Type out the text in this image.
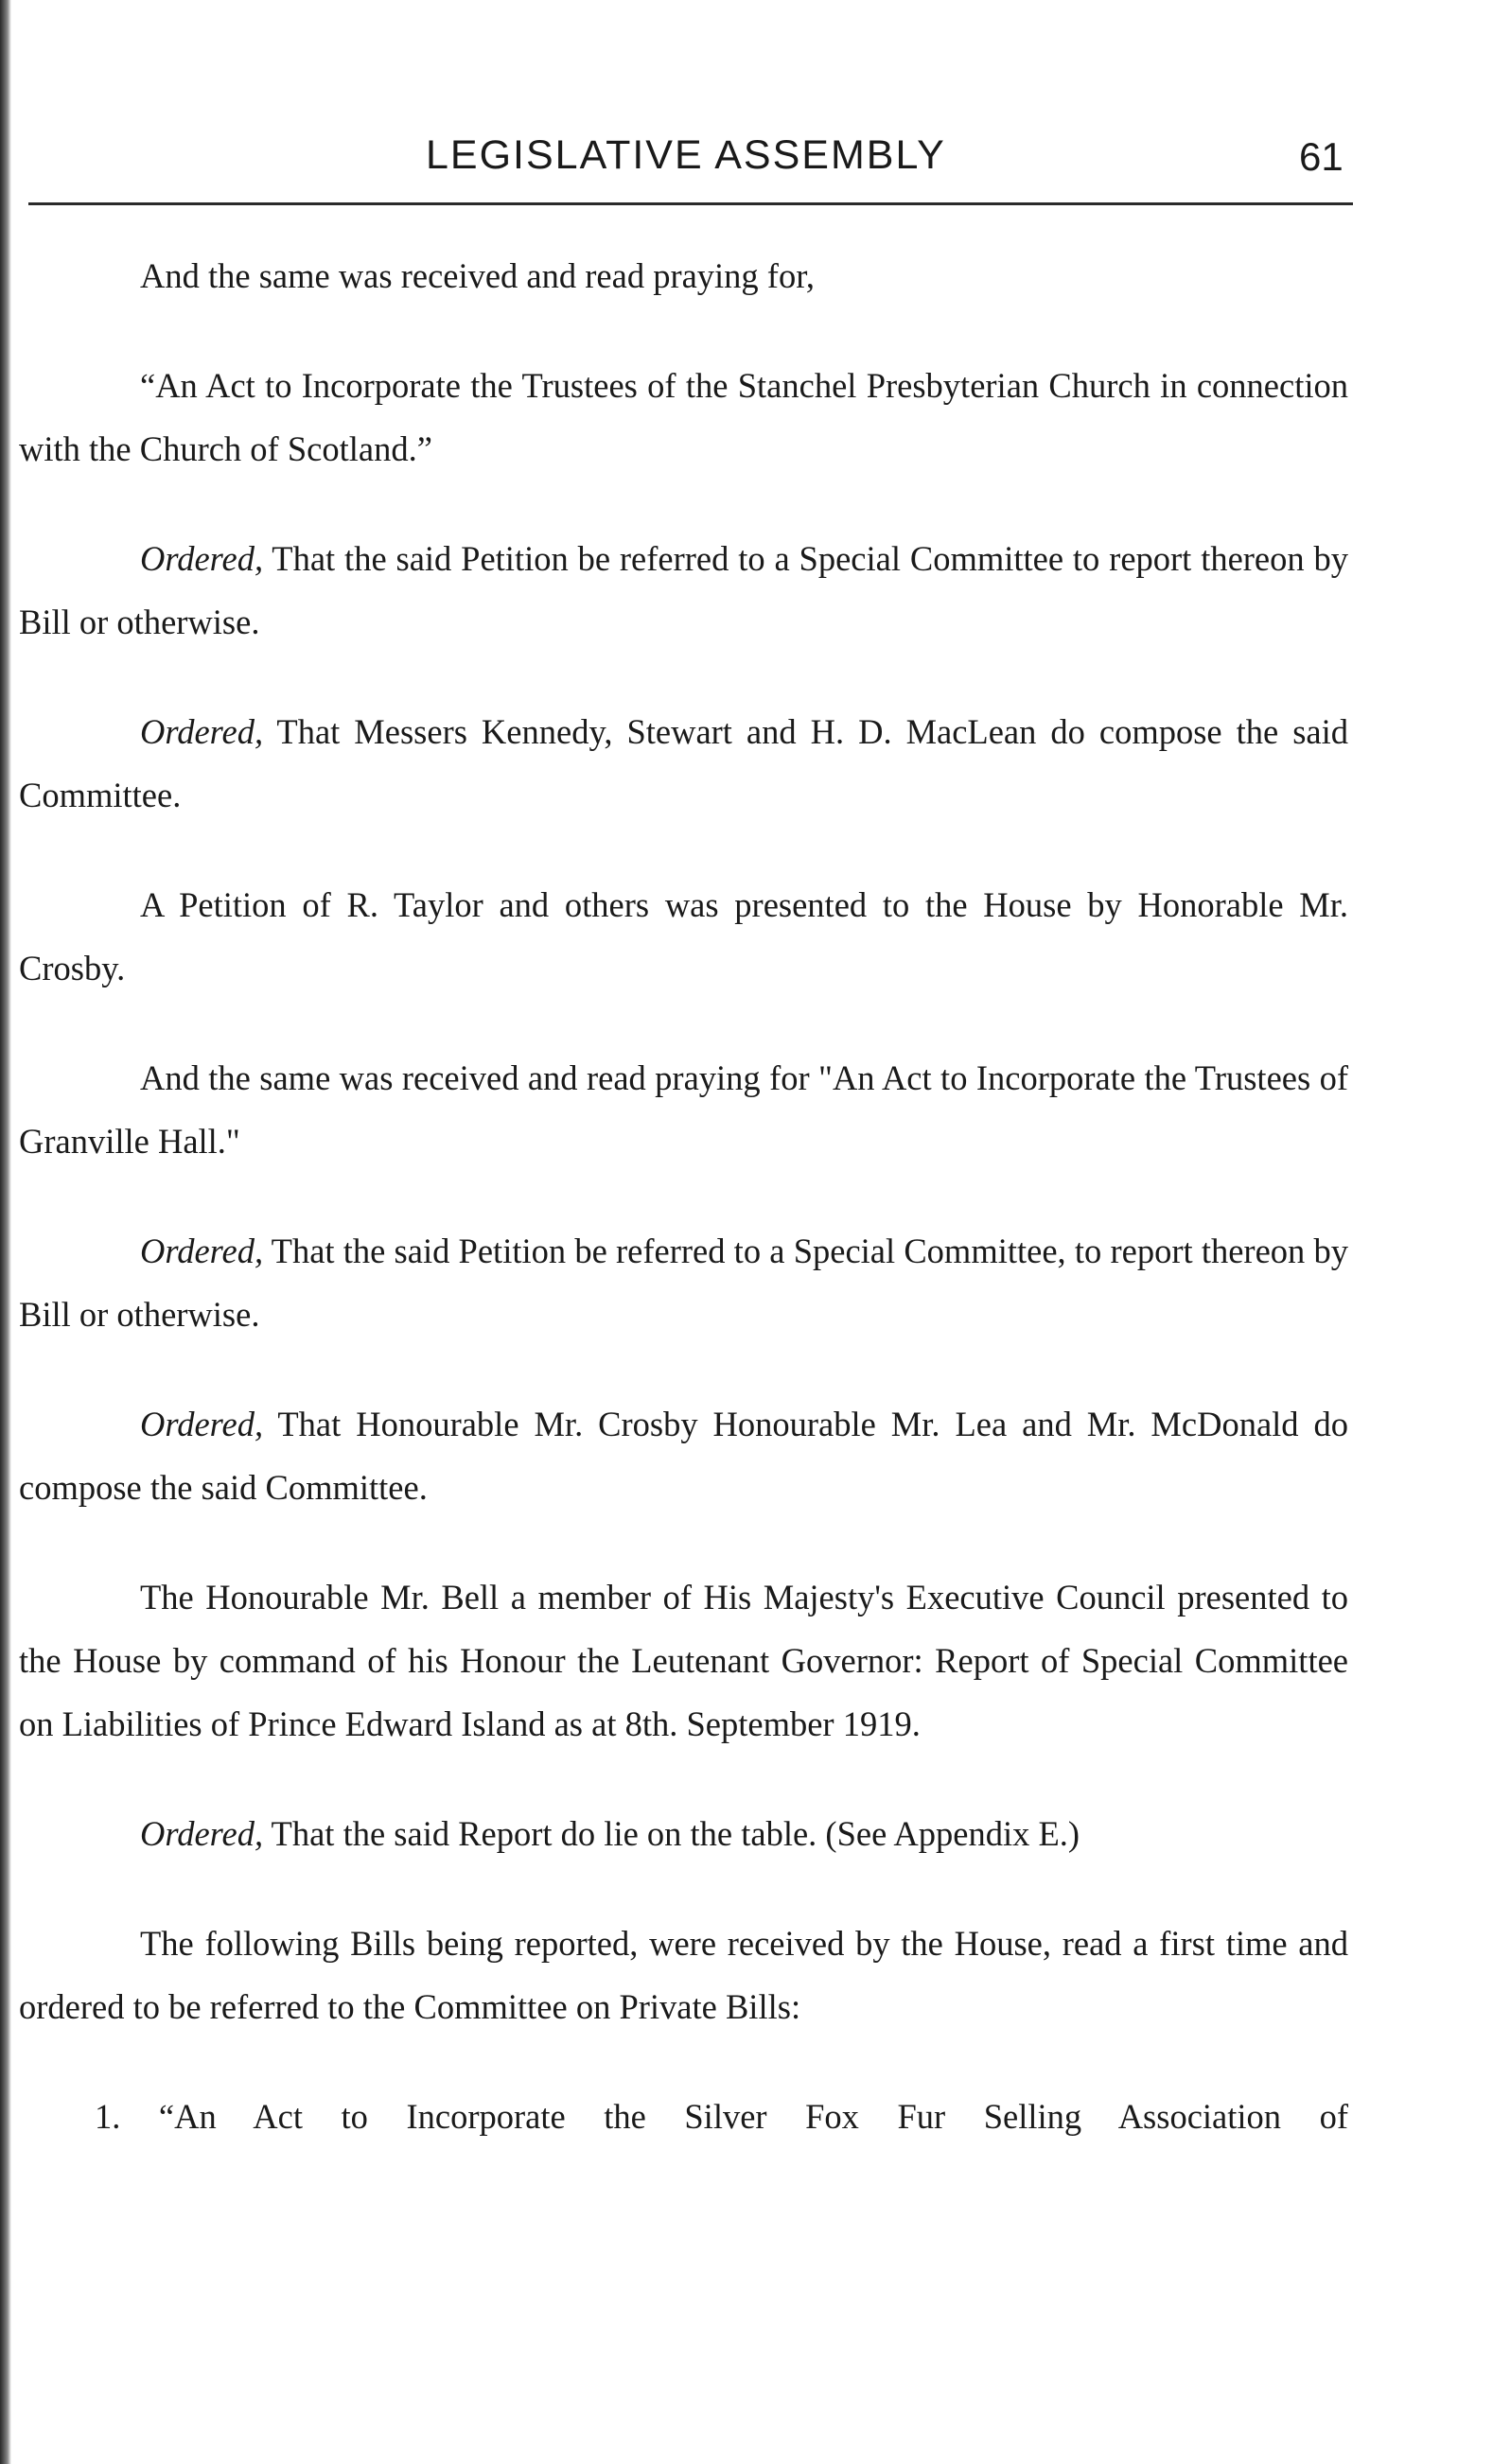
LEGISLATIVE ASSEMBLY	61

And the same was received and read praying for,

“An Act to Incorporate the Trustees of the Stanchel Presbyterian Church in connection with the Church of Scotland.”

Ordered, That the said Petition be referred to a Special Committee to report thereon by Bill or otherwise.

Ordered, That Messers Kennedy, Stewart and H. D. MacLean do compose the said Committee.

A Petition of R. Taylor and others was presented to the House by Honorable Mr. Crosby.

And the same was received and read praying for "An Act to Incorporate the Trustees of Granville Hall."

Ordered, That the said Petition be referred to a Special Committee, to report thereon by Bill or otherwise.

Ordered, That Honourable Mr. Crosby Honourable Mr. Lea and Mr. McDonald do compose the said Committee.

The Honourable Mr. Bell a member of His Majesty's Executive Council presented to the House by command of his Honour the Leutenant Governor: Report of Special Committee on Liabilities of Prince Edward Island as at 8th. September 1919.

Ordered, That the said Report do lie on the table. (See Appendix E.)

The following Bills being reported, were received by the House, read a first time and ordered to be referred to the Committee on Private Bills:

1. “An Act to Incorporate the Silver Fox Fur Selling Association of
